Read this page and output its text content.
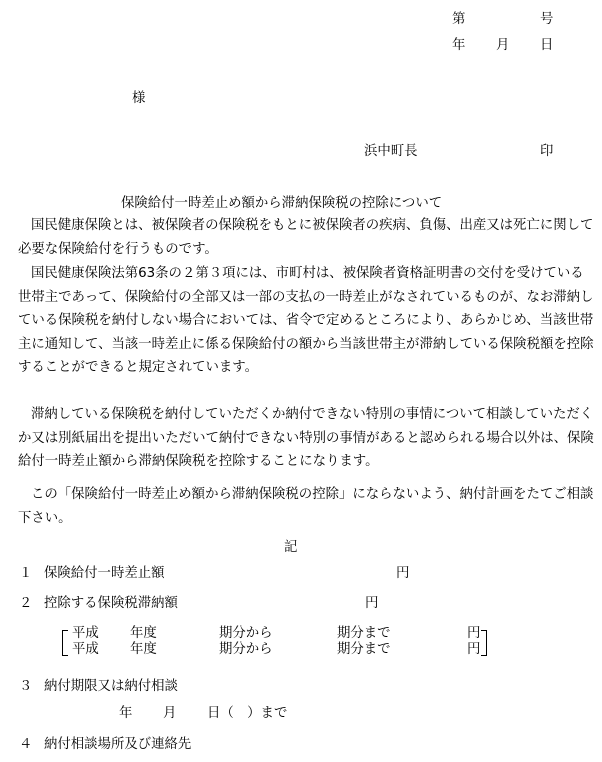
第	号
年 月 日
様
浜中町長	印
保険給付一時差止め額から滞納保険税の控除について
国民健康保険とは、被保険者の保険税をもとに被保険者の疾病、負傷、出産又は死亡に関して必要な保険給付を行うものです。
国民健康保険法第63条の２第３項には、市町村は、被保険者資格証明書の交付を受けている世帯主であって、保険給付の全部又は一部の支払の一時差止がなされているものが、なお滞納している保険税を納付しない場合においては、省令で定めるところにより、あらかじめ、当該世帯主に通知して、当該一時差止に係る保険給付の額から当該世帯主が滞納している保険税額を控除することができると規定されています。
滞納している保険税を納付していただくか納付できない特別の事情について相談していただくか又は別紙届出を提出いただいて納付できない特別の事情があると認められる場合以外は、保険給付一時差止額から滞納保険税を控除することになります。
この「保険給付一時差止め額から滞納保険税の控除」にならないよう、納付計画をたてご相談下さい。
記
１ 保険給付一時差止額	円
２ 控除する保険税滞納額	円
平成 年度	期分から	期分まで	円
平成 年度	期分から	期分まで	円
３ 納付期限又は納付相談
年 月 日（　）まで
４ 納付相談場所及び連絡先
